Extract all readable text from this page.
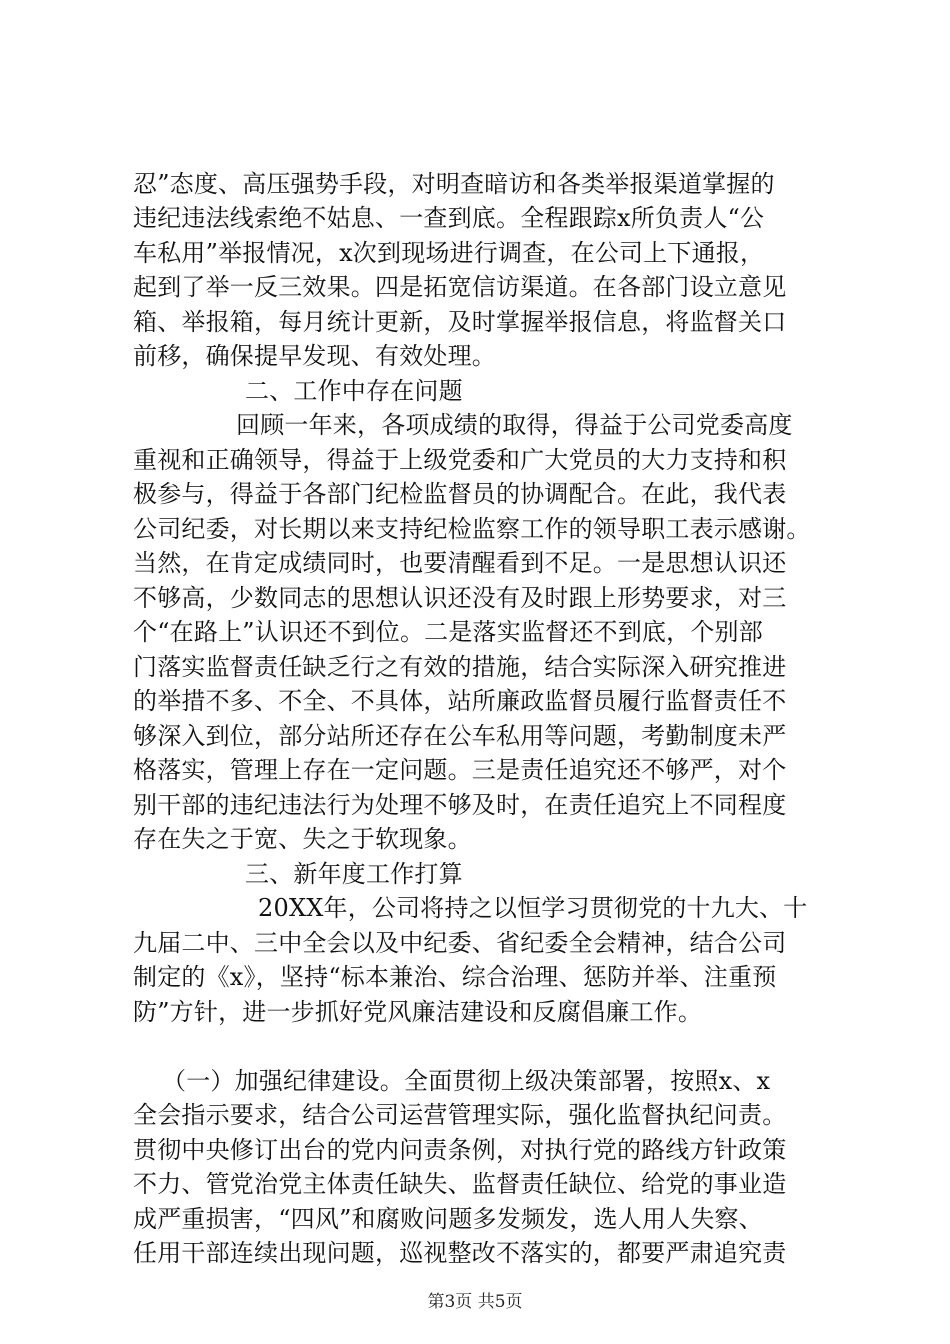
忍”态度、高压强势手段，对明查暗访和各类举报渠道掌握的
违纪违法线索绝不姑息、一查到底。全程跟踪x所负责人“公
车私用”举报情况，x次到现场进行调查，在公司上下通报，
起到了举一反三效果。四是拓宽信访渠道。在各部门设立意见
箱、举报箱，每月统计更新，及时掌握举报信息，将监督关口
前移，确保提早发现、有效处理。
二、工作中存在问题
回顾一年来，各项成绩的取得，得益于公司党委高度
重视和正确领导，得益于上级党委和广大党员的大力支持和积
极参与，得益于各部门纪检监督员的协调配合。在此，我代表
公司纪委，对长期以来支持纪检监察工作的领导职工表示感谢。
当然，在肯定成绩同时，也要清醒看到不足。一是思想认识还
不够高，少数同志的思想认识还没有及时跟上形势要求，对三
个“在路上”认识还不到位。二是落实监督还不到底，个别部
门落实监督责任缺乏行之有效的措施，结合实际深入研究推进
的举措不多、不全、不具体，站所廉政监督员履行监督责任不
够深入到位，部分站所还存在公车私用等问题，考勤制度未严
格落实，管理上存在一定问题。三是责任追究还不够严，对个
别干部的违纪违法行为处理不够及时，在责任追究上不同程度
存在失之于宽、失之于软现象。
三、新年度工作打算
20XX年，公司将持之以恒学习贯彻党的十九大、十
九届二中、三中全会以及中纪委、省纪委全会精神，结合公司
制定的《x》，坚持“标本兼治、综合治理、惩防并举、注重预
防”方针，进一步抓好党风廉洁建设和反腐倡廉工作。
（一）加强纪律建设。全面贯彻上级决策部署，按照x、x
全会指示要求，结合公司运营管理实际，强化监督执纪问责。
贯彻中央修订出台的党内问责条例，对执行党的路线方针政策
不力、管党治党主体责任缺失、监督责任缺位、给党的事业造
成严重损害，“四风”和腐败问题多发频发，选人用人失察、
任用干部连续出现问题，巡视整改不落实的，都要严肃追究责
第3页 共5页
